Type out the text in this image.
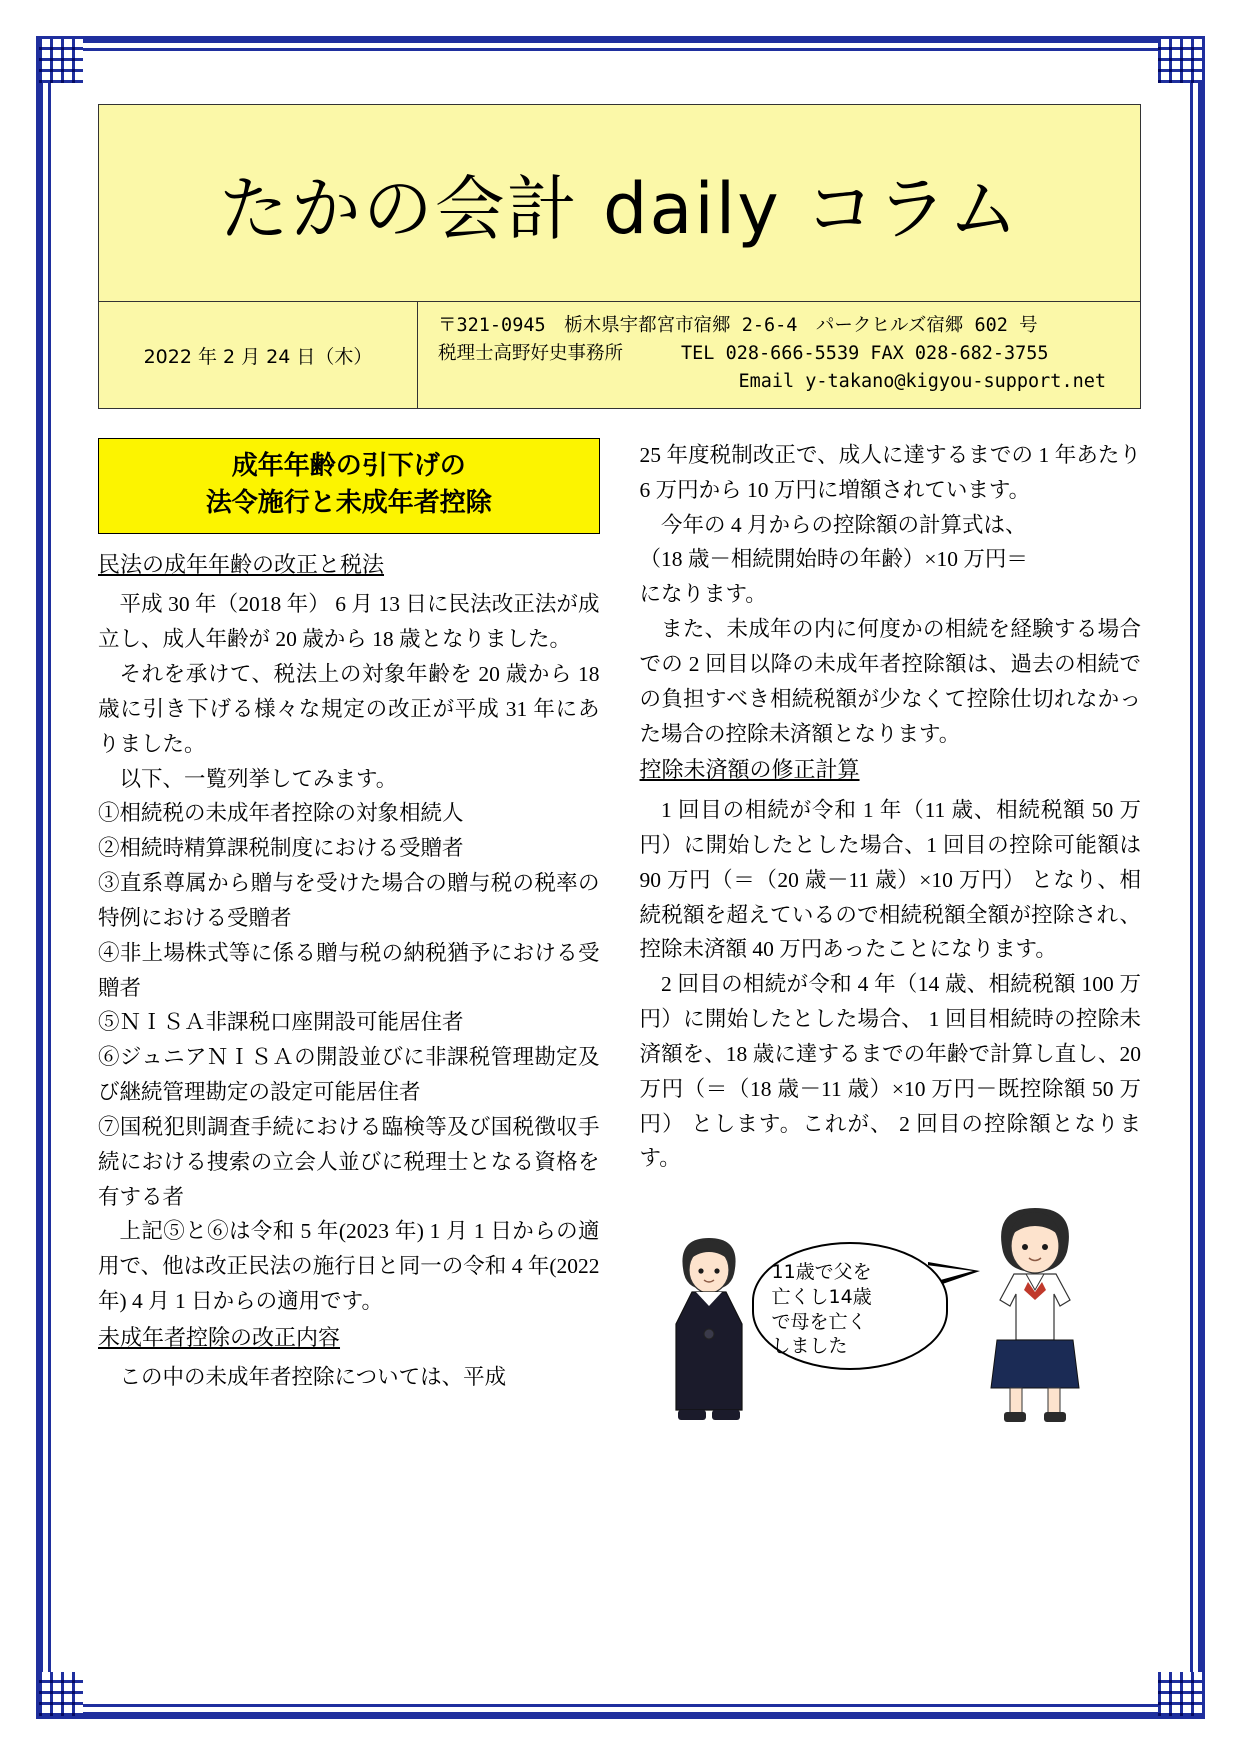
たかの会計 daily コラム
2022 年 2 月 24 日（木）
〒321-0945　栃木県宇都宮市宿郷 2-6-4　パークヒルズ宿郷 602 号
税理士高野好史事務所	TEL 028-666-5539 FAX 028-682-3755
Email y-takano@kigyou-support.net
成年年齢の引下げの
法令施行と未成年者控除
民法の成年年齢の改正と税法

平成 30 年（2018 年） 6 月 13 日に民法改正法が成立し、成人年齢が 20 歳から 18 歳となりました。

それを承けて、税法上の対象年齢を 20 歳から 18 歳に引き下げる様々な規定の改正が平成 31 年にありました。

以下、一覧列挙してみます。

①相続税の未成年者控除の対象相続人

②相続時精算課税制度における受贈者

③直系尊属から贈与を受けた場合の贈与税の税率の特例における受贈者

④非上場株式等に係る贈与税の納税猶予における受贈者

⑤ＮＩＳＡ非課税口座開設可能居住者

⑥ジュニアＮＩＳＡの開設並びに非課税管理勘定及び継続管理勘定の設定可能居住者

⑦国税犯則調査手続における臨検等及び国税徴収手続における捜索の立会人並びに税理士となる資格を有する者

上記⑤と⑥は令和 5 年(2023 年) 1 月 1 日からの適用で、他は改正民法の施行日と同一の令和 4 年(2022 年) 4 月 1 日からの適用です。

未成年者控除の改正内容

この中の未成年者控除については、平成

25 年度税制改正で、成人に達するまでの 1 年あたり 6 万円から 10 万円に増額されています。

今年の 4 月からの控除額の計算式は、

（18 歳－相続開始時の年齢）×10 万円＝

になります。

また、未成年の内に何度かの相続を経験する場合での 2 回目以降の未成年者控除額は、過去の相続での負担すべき相続税額が少なくて控除仕切れなかった場合の控除未済額となります。

控除未済額の修正計算

1 回目の相続が令和 1 年（11 歳、相続税額 50 万円）に開始したとした場合、1 回目の控除可能額は 90 万円（＝（20 歳－11 歳）×10 万円） となり、相続税額を超えているので相続税額全額が控除され、控除未済額 40 万円あったことになります。

2 回目の相続が令和 4 年（14 歳、相続税額 100 万円）に開始したとした場合、 1 回目相続時の控除未済額を、18 歳に達するまでの年齢で計算し直し、20 万円（＝（18 歳－11 歳）×10 万円－既控除額 50 万円） とします。これが、 2 回目の控除額となります。

11歳で父を
亡くし14歳
で母を亡く
しました
